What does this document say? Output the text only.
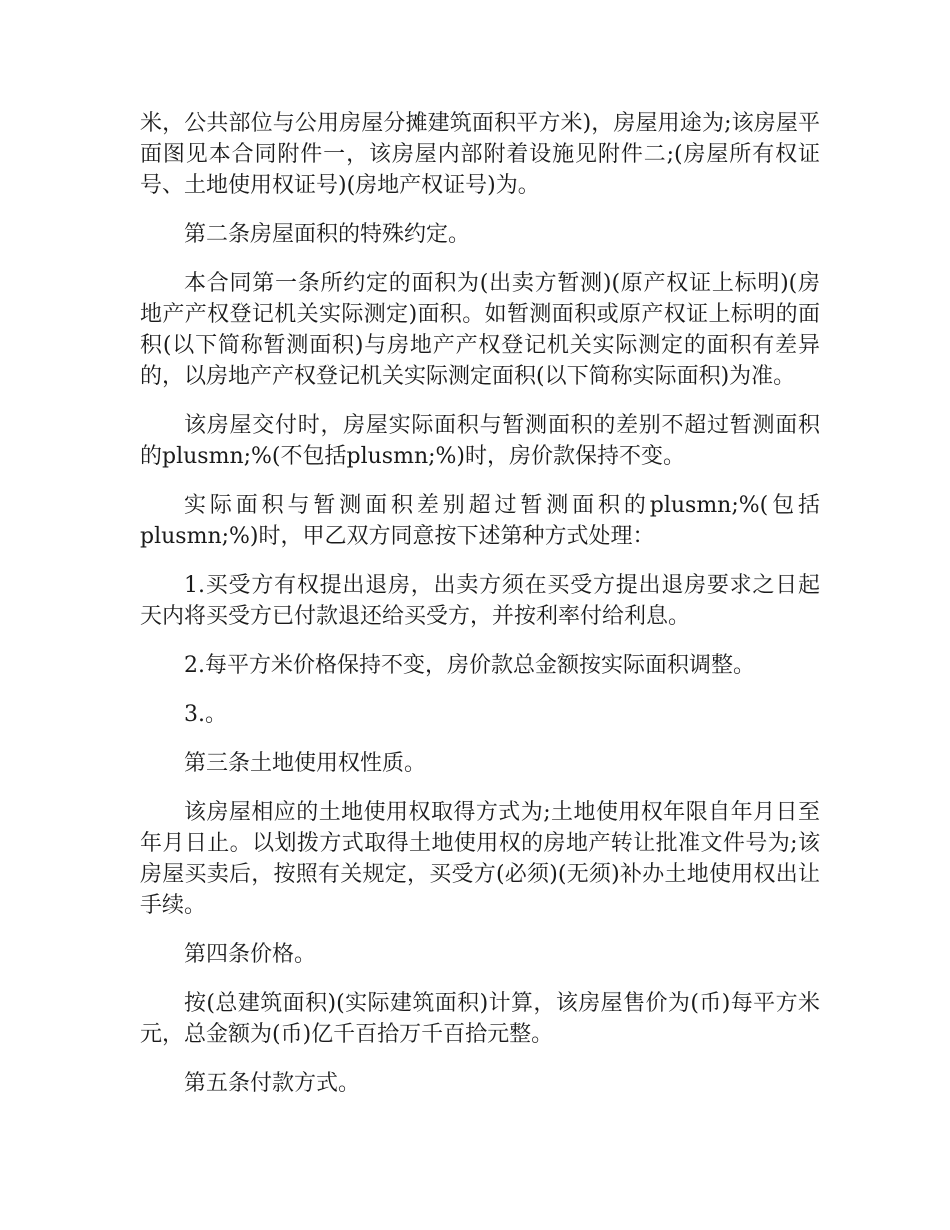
米，公共部位与公用房屋分摊建筑面积平方米)，房屋用途为;该房屋平面图见本合同附件一，该房屋内部附着设施见附件二;(房屋所有权证号、土地使用权证号)(房地产权证号)为。

第二条房屋面积的特殊约定。

本合同第一条所约定的面积为(出卖方暂测)(原产权证上标明)(房地产产权登记机关实际测定)面积。如暂测面积或原产权证上标明的面积(以下简称暂测面积)与房地产产权登记机关实际测定的面积有差异的，以房地产产权登记机关实际测定面积(以下简称实际面积)为准。

该房屋交付时，房屋实际面积与暂测面积的差别不超过暂测面积的plusmn;%(不包括plusmn;%)时，房价款保持不变。

实际面积与暂测面积差别超过暂测面积的plusmn;%(包括plusmn;%)时，甲乙双方同意按下述第种方式处理：

1.买受方有权提出退房，出卖方须在买受方提出退房要求之日起天内将买受方已付款退还给买受方，并按利率付给利息。

2.每平方米价格保持不变，房价款总金额按实际面积调整。

3.。

第三条土地使用权性质。

该房屋相应的土地使用权取得方式为;土地使用权年限自年月日至年月日止。以划拨方式取得土地使用权的房地产转让批准文件号为;该房屋买卖后，按照有关规定，买受方(必须)(无须)补办土地使用权出让手续。

第四条价格。

按(总建筑面积)(实际建筑面积)计算，该房屋售价为(币)每平方米元，总金额为(币)亿千百拾万千百拾元整。

第五条付款方式。
